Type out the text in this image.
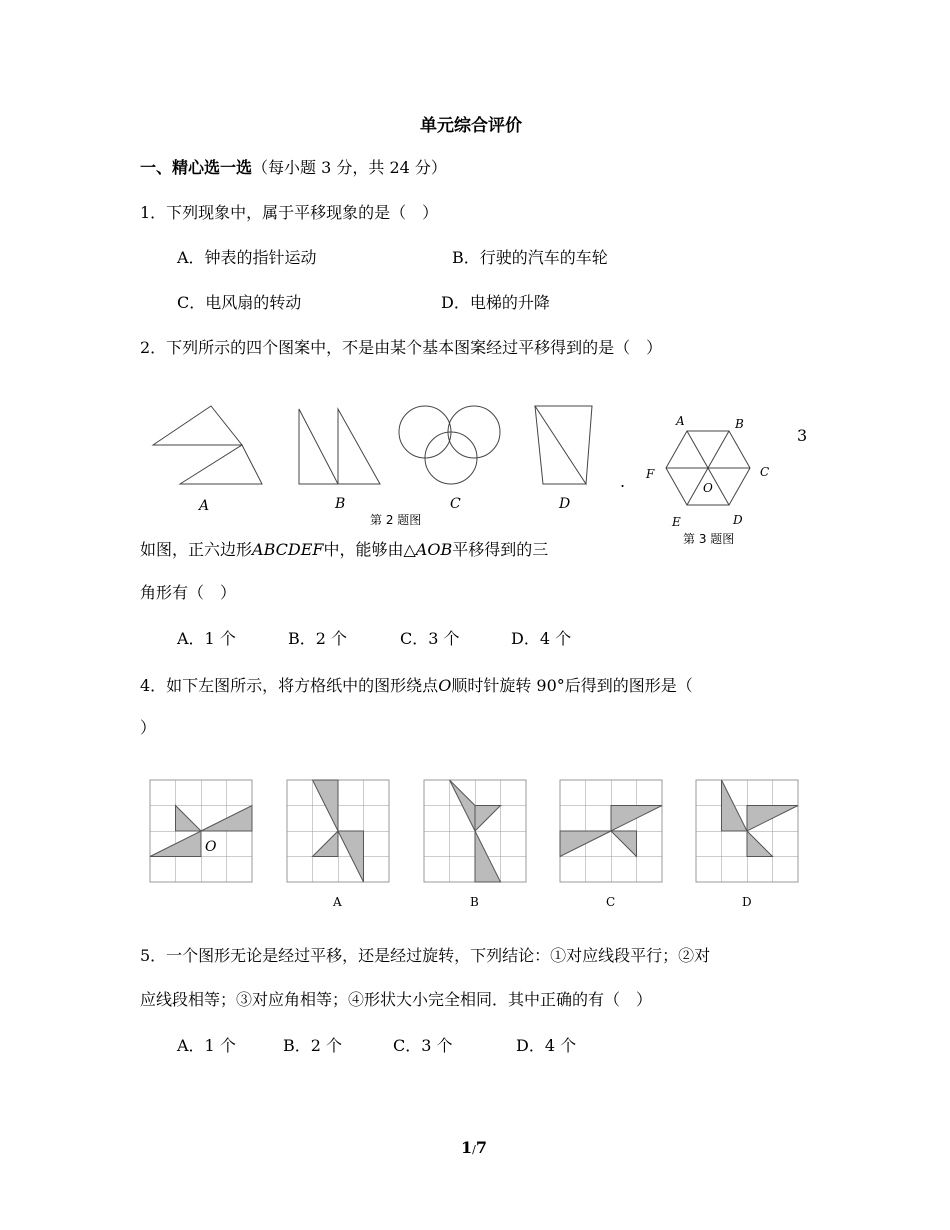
单元综合评价
一、精心选一选（每小题 3 分，共 24 分）
1．下列现象中，属于平移现象的是（　）
A．钟表的指针运动	B．行驶的汽车的车轮
C．电风扇的转动	D．电梯的升降
2．下列所示的四个图案中，不是由某个基本图案经过平移得到的是（　）
A	B	C	D
第 2 题图
A	B
C
D
E
F
O
第 3 题图
3
.
如图，正六边形ABCDEF中，能够由△AOB平移得到的三
角形有（　）
A．1 个	B．2 个	C．3 个	D．4 个
4．如下左图所示，将方格纸中的图形绕点O顺时针旋转 90°后得到的图形是（
）
O
A	B	C	D
5．一个图形无论是经过平移，还是经过旋转，下列结论：①对应线段平行；②对
应线段相等；③对应角相等；④形状大小完全相同．其中正确的有（　）
A．1 个	B．2 个	C．3 个	D．4 个
1/7
